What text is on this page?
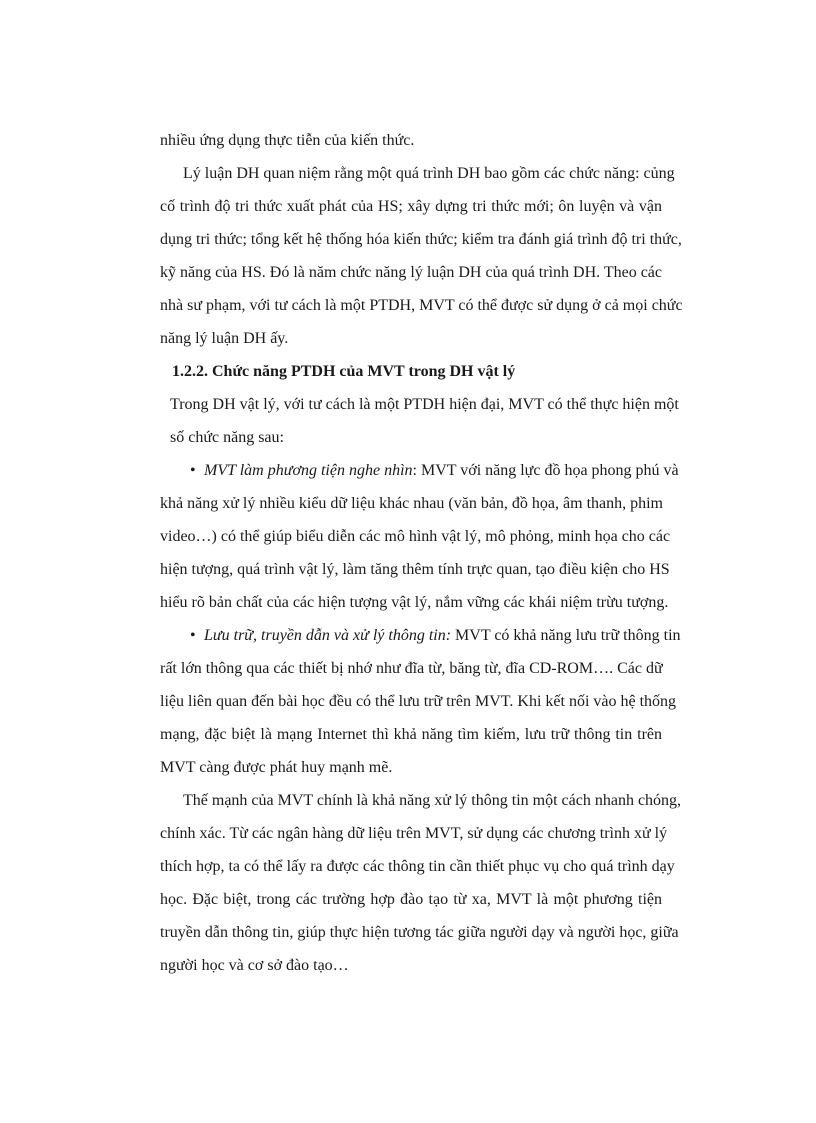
nhiều ứng dụng thực tiễn của kiến thức.
Lý luận DH quan niệm rằng một quá trình DH bao gồm các chức năng: củng
cố trình độ tri thức xuất phát của HS; xây dựng tri thức mới; ôn luyện và vận
dụng tri thức; tổng kết hệ thống hóa kiến thức; kiểm tra đánh giá trình độ tri thức,
kỹ năng của HS. Đó là năm chức năng lý luận DH của quá trình DH. Theo các
nhà sư phạm, với tư cách là một PTDH, MVT có thể được sử dụng ở cả mọi chức
năng lý luận DH ấy.
1.2.2. Chức năng PTDH của MVT trong DH vật lý
Trong DH vật lý, với tư cách là một PTDH hiện đại, MVT có thể thực hiện một
số chức năng sau:
• MVT làm phương tiện nghe nhìn: MVT với năng lực đồ họa phong phú và
khả năng xử lý nhiều kiểu dữ liệu khác nhau (văn bản, đồ họa, âm thanh, phim
video…) có thể giúp biểu diễn các mô hình vật lý, mô phỏng, minh họa cho các
hiện tượng, quá trình vật lý, làm tăng thêm tính trực quan, tạo điều kiện cho HS
hiểu rõ bản chất của các hiện tượng vật lý, nắm vững các khái niệm trừu tượng.
• Lưu trữ, truyền dẫn và xử lý thông tin: MVT có khả năng lưu trữ thông tin
rất lớn thông qua các thiết bị nhớ như đĩa từ, băng từ, đĩa CD-ROM…. Các dữ
liệu liên quan đến bài học đều có thể lưu trữ trên MVT. Khi kết nối vào hệ thống
mạng, đặc biệt là mạng Internet thì khả năng tìm kiếm, lưu trữ thông tin trên
MVT càng được phát huy mạnh mẽ.
Thế mạnh của MVT chính là khả năng xử lý thông tin một cách nhanh chóng,
chính xác. Từ các ngân hàng dữ liệu trên MVT, sử dụng các chương trình xử lý
thích hợp, ta có thể lấy ra được các thông tin cần thiết phục vụ cho quá trình dạy
học. Đặc biệt, trong các trường hợp đào tạo từ xa, MVT là một phương tiện
truyền dẫn thông tin, giúp thực hiện tương tác giữa người dạy và người học, giữa
người học và cơ sở đào tạo…
